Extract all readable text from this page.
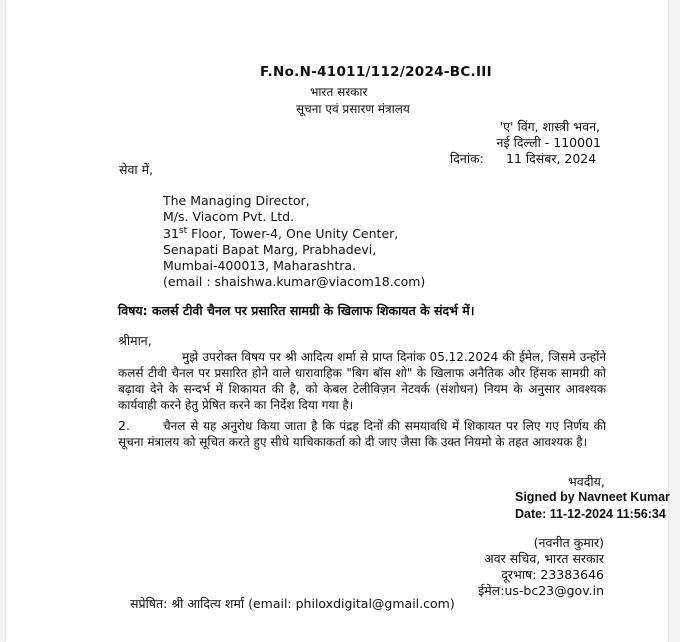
F.No.N-41011/112/2024-BC.III
भारत सरकार
सूचना एवं प्रसारण मंत्रालय
'ए' विंग, शास्त्री भवन,
नई दिल्ली - 110001
दिनांक: 11 दिसंबर, 2024
सेवा में,
The Managing Director,
M/s. Viacom Pvt. Ltd.
31st Floor, Tower-4, One Unity Center,
Senapati Bapat Marg, Prabhadevi,
Mumbai-400013, Maharashtra.
(email : shaishwa.kumar@viacom18.com)
विषय: कलर्स टीवी चैनल पर प्रसारित सामग्री के खिलाफ शिकायत के संदर्भ में।
श्रीमान,

मुझे उपरोक्त विषय पर श्री आदित्य शर्मा से प्राप्त दिनांक 05.12.2024 की ईमेल, जिसमे उन्होंने कलर्स टीवी चैनल पर प्रसारित होने वाले धारावाहिक "बिग बॉस शो" के खिलाफ अनैतिक और हिंसक सामग्री को बढ़ावा देने के सन्दर्भ में शिकायत की है, को केबल टेलीविज़न नेटवर्क (संशोधन) नियम के अनुसार आवश्यक कार्यवाही करने हेतु प्रेषित करने का निर्देश दिया गया है।

2.	चैनल से यह अनुरोध किया जाता है कि पंद्रह दिनों की समयावधि में शिकायत पर लिए गए निर्णय की सूचना मंत्रालय को सूचित करते हुए सीधे याचिकाकर्ता को दी जाए जैसा कि उक्त नियमो के तहत आवश्यक है।

भवदीय,
Signed by Navneet Kumar
Date: 11-12-2024 11:56:34
(नवनीत कुमार)
अवर सचिव, भारत सरकार
दूरभाष: 23383646
ईमेल:us-bc23@gov.in
सप्रेषित: श्री आदित्य शर्मा (email: philoxdigital@gmail.com)
